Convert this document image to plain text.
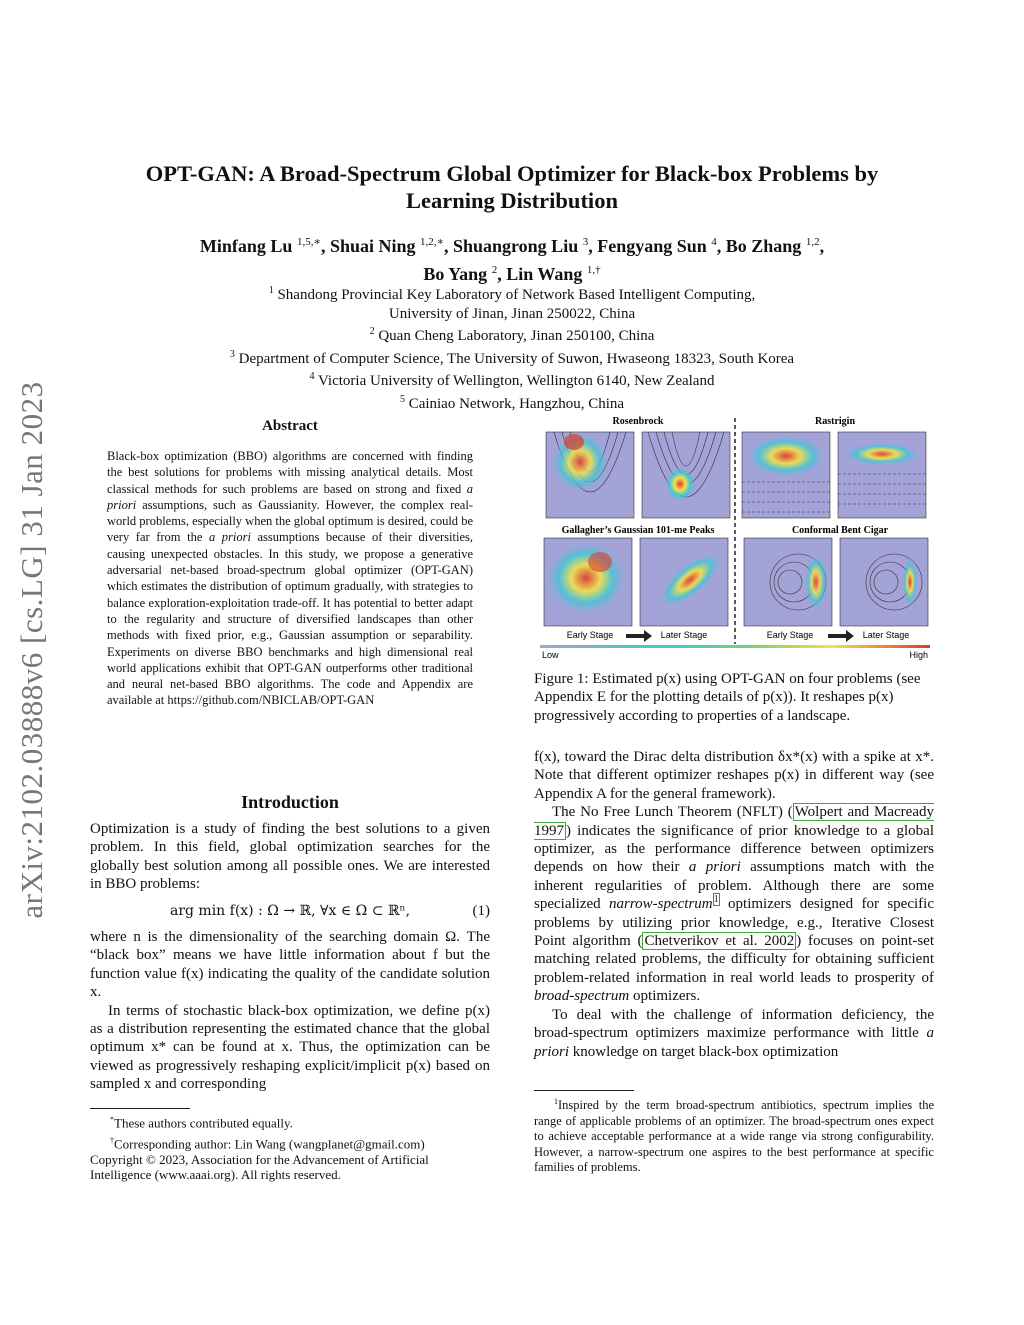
arXiv:2102.03888v6 [cs.LG] 31 Jan 2023
OPT-GAN: A Broad-Spectrum Global Optimizer for Black-box Problems by Learning Distribution
Minfang Lu $^{1,5,∗}$, Shuai Ning $^{1,2,∗}$, Shuangrong Liu $^3$, Fengyang Sun $^4$, Bo Zhang $^{1,2}$,
Bo Yang $^2$, Lin Wang $^{1,\dagger}$
$^1$ Shandong Provincial Key Laboratory of Network Based Intelligent Computing,
University of Jinan, Jinan 250022, China
$^2$ Quan Cheng Laboratory, Jinan 250100, China
$^3$ Department of Computer Science, The University of Suwon, Hwaseong 18323, South Korea
$^4$ Victoria University of Wellington, Wellington 6140, New Zealand
$^5$ Cainiao Network, Hangzhou, China
Abstract
Black-box optimization (BBO) algorithms are concerned with finding the best solutions for problems with missing analytical details. Most classical methods for such problems are based on strong and fixed a priori assumptions, such as Gaussianity. However, the complex real-world problems, especially when the global optimum is desired, could be very far from the a priori assumptions because of their diversities, causing unexpected obstacles. In this study, we propose a generative adversarial net-based broad-spectrum global optimizer (OPT-GAN) which estimates the distribution of optimum gradually, with strategies to balance exploration-exploitation trade-off. It has potential to better adapt to the regularity and structure of diversified landscapes than other methods with fixed prior, e.g., Gaussian assumption or separability. Experiments on diverse BBO benchmarks and high dimensional real world applications exhibit that OPT-GAN outperforms other traditional and neural net-based BBO algorithms. The code and Appendix are available at https://github.com/NBICLAB/OPT-GAN
Introduction

Optimization is a study of finding the best solutions to a given problem. In this field, global optimization searches for the globally best solution among all possible ones. We are interested in BBO problems:

arg min f(x) : Ω → ℝ, ∀x ∈ Ω ⊂ ℝⁿ,	(1)

where n is the dimensionality of the searching domain Ω. The “black box” means we have little information about f but the function value f(x) indicating the quality of the candidate solution x.

In terms of stochastic black-box optimization, we define p(x) as a distribution representing the estimated chance that the global optimum x* can be found at x. Thus, the optimization can be viewed as progressively reshaping explicit/implicit p(x) based on sampled x and corresponding

*These authors contributed equally.
†Corresponding author: Lin Wang (wangplanet@gmail.com)
Copyright © 2023, Association for the Advancement of Artificial Intelligence (www.aaai.org). All rights reserved.
Rosenbrock	Rastrigin
Gallagher’s Gaussian 101-me Peaks	Conformal Bent Cigar
Early Stage	Later Stage	Early Stage	Later Stage
Low	High
Figure 1: Estimated p(x) using OPT-GAN on four problems (see Appendix E for the plotting details of p(x)). It reshapes p(x) progressively according to properties of a landscape.

f(x), toward the Dirac delta distribution δx*(x) with a spike at x*. Note that different optimizer reshapes p(x) in different way (see Appendix A for the general framework).

The No Free Lunch Theorem (NFLT) ( Wolpert and Macready 1997 ) indicates the significance of prior knowledge to a global optimizer, as the performance difference between optimizers depends on how their a priori assumptions match with the inherent regularities of problem. Although there are some specialized narrow-spectrum$^1$ optimizers designed for specific problems by utilizing prior knowledge, e.g., Iterative Closest Point algorithm ( Chetverikov et al. 2002 ) focuses on point-set matching related problems, the difficulty for obtaining sufficient problem-related information in real world leads to prosperity of broad-spectrum optimizers.

To deal with the challenge of information deficiency, the broad-spectrum optimizers maximize performance with little a priori knowledge on target black-box optimization

$^1$Inspired by the term broad-spectrum antibiotics, spectrum implies the range of applicable problems of an optimizer. The broad-spectrum ones expect to achieve acceptable performance at a wide range via strong configurability. However, a narrow-spectrum one aspires to the best performance at specific families of problems.
